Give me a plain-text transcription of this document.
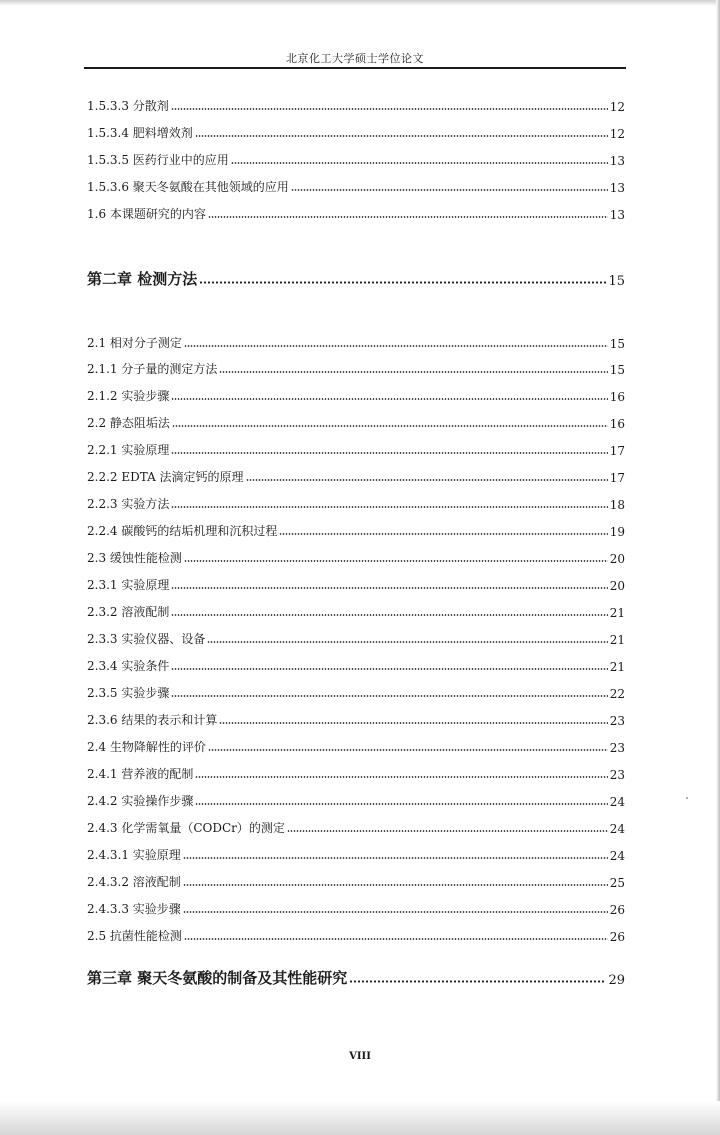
北京化工大学硕士学位论文
1.5.3.3 分散剂	12
1.5.3.4 肥料增效剂	12
1.5.3.5 医药行业中的应用	13
1.5.3.6 聚天冬氨酸在其他领域的应用	13
1.6 本课题研究的内容	13
第二章 检测方法	15
2.1 相对分子测定	15
2.1.1 分子量的测定方法	15
2.1.2 实验步骤	16
2.2 静态阻垢法	16
2.2.1 实验原理	17
2.2.2 EDTA 法滴定钙的原理	17
2.2.3 实验方法	18
2.2.4 碳酸钙的结垢机理和沉积过程	19
2.3 缓蚀性能检测	20
2.3.1 实验原理	20
2.3.2 溶液配制	21
2.3.3 实验仪器、设备	21
2.3.4 实验条件	21
2.3.5 实验步骤	22
2.3.6 结果的表示和计算	23
2.4 生物降解性的评价	23
2.4.1 营养液的配制	23
2.4.2 实验操作步骤	24
2.4.3 化学需氧量（CODCr）的测定	24
2.4.3.1 实验原理	24
2.4.3.2 溶液配制	25
2.4.3.3 实验步骤	26
2.5 抗菌性能检测	26
第三章 聚天冬氨酸的制备及其性能研究	29
VIII
